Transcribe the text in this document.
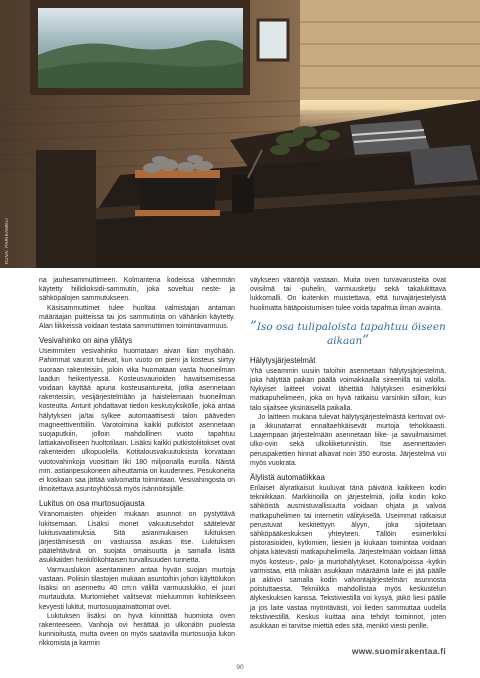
KUVA: PARIKAMELI

na jauhesammuttimeen. Kolmantena kodeissa vähemmän käytetty hiilidioksidi-sammutin, joka soveltuu neste- ja sähköpalojen sammutukseen.

Käsisammuttimet tulee huoltaa valmistajan antaman määräajan puitteissa tai jos sammutinta on vähänkin käytetty. Alan liikkeissä voidaan testata sammuttimen toimintavarmuus.

Vesivahinko on aina yllätys

Useimmiten vesivahinko huomataan aivan liian myöhään. Pahimmat vauriot tulevat, kun vuoto on pieni ja kosteus siirtyy suoraan rakenteisiin, joloin vika huomataan vasta huoneilman laadun heikentyessä. Kosteusvaurioiden havaitsemisessa voidaan käyttää apuna kosteusantureita, jotka asennetaan rakenteisiin, vesijärjestelmään ja haistelemaan huoneilman kosteutta. Anturit johdattavat tiedon keskusyksikölle, joka antaa hälytyksen ja/tai sylkee automaattisesti talon pääveden magneettiventtiilin. Varotoimina kaikki putkistot asennetaan suojaputkiin, jolloin mahdollinen vuoto tapahtuu lattiakaivolliseen huoltotilaan. Lisäksi kaikki putkistoliitokset ovat rakenteiden ulkopuolella. Kotitalousvakuutuksista korvataan vuotovahinkoja vuosittain liki 180 miljoonalla eurolla. Näistä mm. astianpesukoneen aiheuttamia on kuudennes. Pesukoneita ei koskaan saa jättää valvomatta toimintaan. Vesivahingosta on ilmoitettava asuntoyhtiössä myös isännöitsijälle.

Lukitus on osa murtosuojausta

Viranomaisten ohjeiden mukaan asunnot on pystyttävä lukitsemaan. Lisäksi monet vakuutusehdot säätelevät lukitusvaatimuksia. Sitä asianmukaisen lukituksen järjestämisestä on vastuussa asukas itse. Lukituksen päätehtävänä on suojata omaisuutta ja samalla lisätä asukkaiden henkilökohtaisen turvallisuuden tunnetta.

Varmuuslukon asentaminen antaa hyvän suojan murtoja vastaan. Poliisin tilastojen mukaan asuntoihin johon käyttölukon lisäksi on asennettu 40 cm:n välillä varmuuslukko, ei juuri murtauduta. Murtomiehet valitsevat mieluummin kohteikseen kevyesti lukitut, murtosuojaamattomat ovet.

Lukituksen lisäksi on hyvä kiinnittää huomiota oven rakenteeseen. Vanhoja ovi herättää jo ulkonäön puolesta kunnioitusta, mutta oveen on myös saatavilla murtosuojia lukon rikkomista ja karmin

väykseen vääntöjä vastaan. Muita oven turvavarusteita ovat ovisilmä tai -puhelin, varmuusketju sekä takalukittava lukkomalli. On kuitenkin muistettava, että turvajärjestelyistä huolimatta hätäpoistumisen tulee voida tapahtua ilman avainta.

”Iso osa tulipaloista tapahtuu öiseen aikaan”
Hälytysjärjestelmät

Yhä useammin uusiin taloihin asennetaan hälytysjärjestelmä, joka hälyttää paikan päällä voimakkaalla sireenillä tai valolla. Nykyiset laitteet voivat lähettää hälytyksen esimerkiksi matkapuhelimeen, joka on hyvä ratkaisu varsinkin silloin, kun talo sijaitsee yksinäisellä paikalla.

Jo laitteen mukana tulevat hälytysjärjestelmästä kertovat ovi- ja ikkunatarrat ennaltaehkäisevät murtoja tehokkaasti. Laajempaan järjestelmään asennetaan liike- ja savuilmaisimet ulko-ovin sekä ulkoliiketunnistin. Itse asennettavien peruspakettien hinnat alkavat noin 350 eurosta. Järjestelmä voi myös vuokrata.

Älylistä automatiikkaa

Erilaiset älyratkaisut kuuluvat tänä päivänä kaikkeen kodin tekniikkaan. Markkinoilla on järjestelmiä, joilla kodin koko sähköistä ausmistuvallisuutta voidaan ohjata ja valvoa matkapuhelimen tai internetin välityksellä. Useimmat ratkaisut perustuvat keskitettyyn älyyn, joka sijoitetaan sähköpääkeskuksen yhteyteen. Tällöin esimerkiksi pistorasioiden, kytkimien, liesien ja kiukaan toimintaa voidaan ohjata kätevästi matkapuhelimella. Järjestelmään voidaan liittää myös kosteus-, palo- ja murtohälytykset. Kotona/poissa -kytkin varmistaa, että mikään asukkaan määräämä laite ei jää päälle ja aktivoi samalla kodin valvontajärjestelmän asunnosta poistuttaessa. Tekniikka mahdollistaa myös keskustelun älykeskuksen kanssa. Tekstiviestillä voi kysyä, jäikö liesi päälle ja jos laite vastaa myöntävästi, voi lieden sammuttaa uudella tekstiviestillä. Keskus kuittaa aina tehdyt toiminnot, joten asukkaan ei tarvitse miettiä edes sitä, menikö viesti perille.

www.suomirakentaa.fi
90
